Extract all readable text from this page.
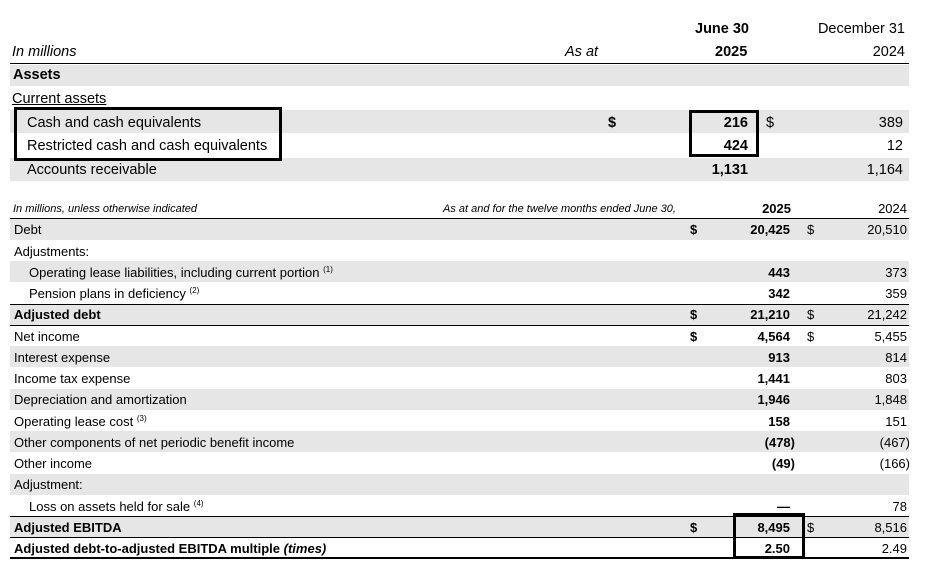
June 30	December 31
In millions	As at	2025	2024
Assets
Current assets
Cash and cash equivalents	$	216 $	389
Restricted cash and cash equivalents	424	12
Accounts receivable	1,131	1,164
In millions, unless otherwise indicated	As at and for the twelve months ended June 30,	2025	2024
Debt	$	20,425 $	20,510
Adjustments:
Operating lease liabilities, including current portion $^{(1)}$	443	373
Pension plans in deficiency $^{(2)}$	342	359
Adjusted debt	$	21,210 $	21,242
Net income	$	4,564 $	5,455
Interest expense	913	814
Income tax expense	1,441	803
Depreciation and amortization	1,946	1,848
Operating lease cost $^{(3)}$	158	151
Other components of net periodic benefit income	(478)	(467)
Other income	(49)	(166)
Adjustment:
Loss on assets held for sale $^{(4)}$	—	78
Adjusted EBITDA	$	8,495 $	8,516
Adjusted debt-to-adjusted EBITDA multiple (times)	2.50	2.49
